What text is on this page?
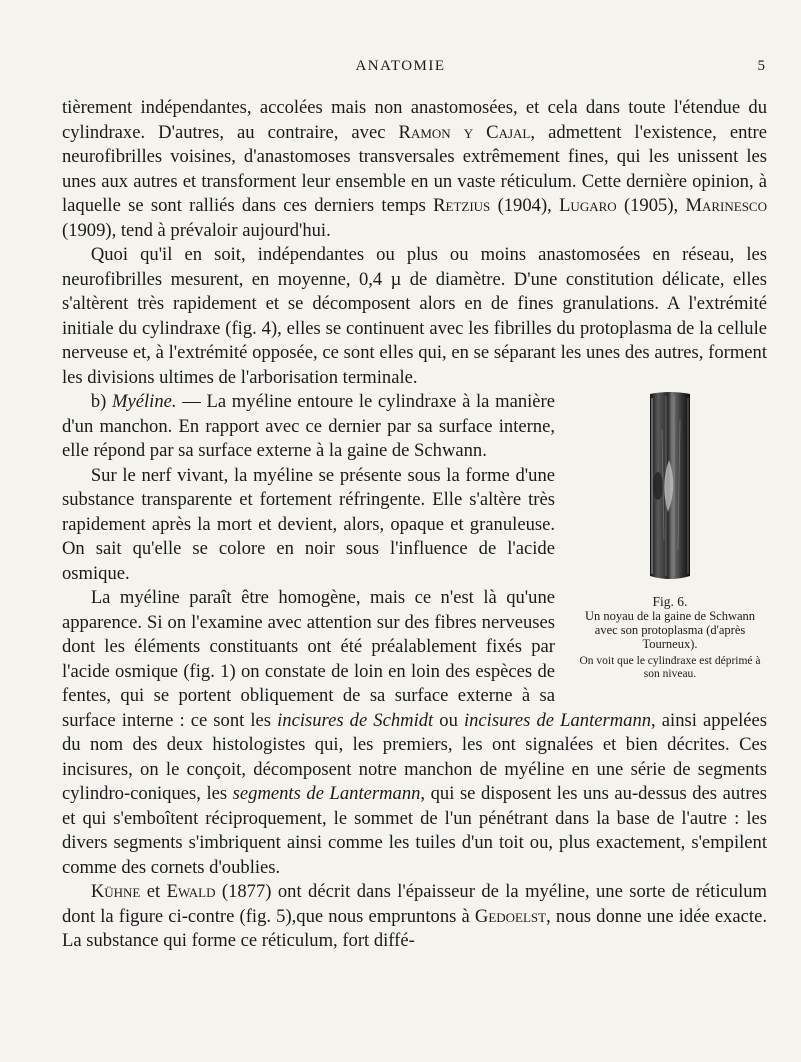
ANATOMIE	5

tièrement indépendantes, accolées mais non anastomosées, et cela dans toute l'étendue du cylindraxe. D'autres, au contraire, avec Ramon y Cajal, admettent l'existence, entre neurofibrilles voisines, d'anastomoses transversales extrêmement fines, qui les unissent les unes aux autres et transforment leur ensemble en un vaste réticulum. Cette dernière opinion, à laquelle se sont ralliés dans ces derniers temps Retzius (1904), Lugaro (1905), Marinesco (1909), tend à prévaloir aujourd'hui.

Quoi qu'il en soit, indépendantes ou plus ou moins anastomosées en réseau, les neurofibrilles mesurent, en moyenne, 0,4 µ de diamètre. D'une constitution délicate, elles s'altèrent très rapidement et se décomposent alors en de fines granulations. A l'extrémité initiale du cylindraxe (fig. 4), elles se continuent avec les fibrilles du protoplasma de la cellule nerveuse et, à l'extrémité opposée, ce sont elles qui, en se séparant les unes des autres, forment les divisions ultimes de l'arborisation terminale.

Fig. 6.
Un noyau de la gaine de Schwann avec son protoplasma (d'après Tourneux).
On voit que le cylindraxe est déprimé à son niveau.

b) Myéline. — La myéline entoure le cylindraxe à la manière d'un manchon. En rapport avec ce dernier par sa surface interne, elle répond par sa surface externe à la gaine de Schwann.

Sur le nerf vivant, la myéline se présente sous la forme d'une substance transparente et fortement réfringente. Elle s'altère très rapidement après la mort et devient, alors, opaque et granuleuse. On sait qu'elle se colore en noir sous l'influence de l'acide osmique.

La myéline paraît être homogène, mais ce n'est là qu'une apparence. Si on l'examine avec attention sur des fibres nerveuses dont les éléments constituants ont été préalablement fixés par l'acide osmique (fig. 1) on constate de loin en loin des espèces de fentes, qui se portent obliquement de sa surface externe à sa surface interne : ce sont les incisures de Schmidt ou incisures de Lantermann, ainsi appelées du nom des deux histologistes qui, les premiers, les ont signalées et bien décrites. Ces incisures, on le conçoit, décomposent notre manchon de myéline en une série de segments cylindro-coniques, les segments de Lantermann, qui se disposent les uns au-dessus des autres et qui s'emboîtent réciproquement, le sommet de l'un pénétrant dans la base de l'autre : les divers segments s'imbriquent ainsi comme les tuiles d'un toit ou, plus exactement, s'empilent comme des cornets d'oublies.

Kühne et Ewald (1877) ont décrit dans l'épaisseur de la myéline, une sorte de réticulum dont la figure ci-contre (fig. 5),que nous empruntons à Gedoelst, nous donne une idée exacte. La substance qui forme ce réticulum, fort diffé-
